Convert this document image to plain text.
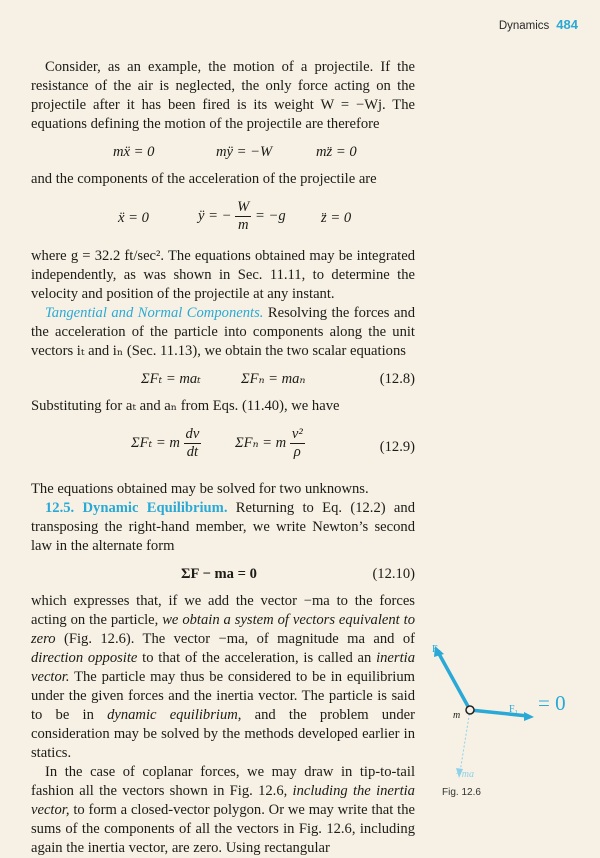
Dynamics 484

Consider, as an example, the motion of a projectile. If the resistance of the air is neglected, the only force acting on the projectile after it has been fired is its weight W = −Wj. The equations defining the motion of the projectile are therefore

mẍ = 0	mÿ = −W	mz̈ = 0

and the components of the acceleration of the projectile are

ẍ = 0	ÿ = − $\frac{W}{m} = -g$ z̈ = 0

where g = 32.2 ft/sec². The equations obtained may be integrated independently, as was shown in Sec. 11.11, to determine the velocity and position of the projectile at any instant.

Tangential and Normal Components. Resolving the forces and the acceleration of the particle into components along the unit vectors iₜ and iₙ (Sec. 11.13), we obtain the two scalar equations

ΣFₜ = maₜ	ΣFₙ = maₙ	(12.8)

Substituting for aₜ and aₙ from Eqs. (11.40), we have

ΣFₜ = m $\frac{dv}{dt}$ ΣFₙ = m $\frac{\text{v²}}{\rho}$	(12.9)

The equations obtained may be solved for two unknowns.

12.5. Dynamic Equilibrium. Returning to Eq. (12.2) and transposing the right-hand member, we write Newton’s second law in the alternate form

ΣF − ma = 0	(12.10)

which expresses that, if we add the vector −ma to the forces acting on the particle, we obtain a system of vectors equivalent to zero (Fig. 12.6). The vector −ma, of magnitude ma and of direction opposite to that of the acceleration, is called an inertia vector. The particle may thus be considered to be in equilibrium under the given forces and the inertia vector. The particle is said to be in dynamic equilibrium, and the problem under consideration may be solved by the methods developed earlier in statics.

In the case of coplanar forces, we may draw in tip-to-tail fashion all the vectors shown in Fig. 12.6, including the inertia vector, to form a closed-vector polygon. Or we may write that the sums of the components of all the vectors in Fig. 12.6, including again the inertia vector, are zero. Using rectangular

F₂
F₁
m
−ma
= 0
Fig. 12.6
